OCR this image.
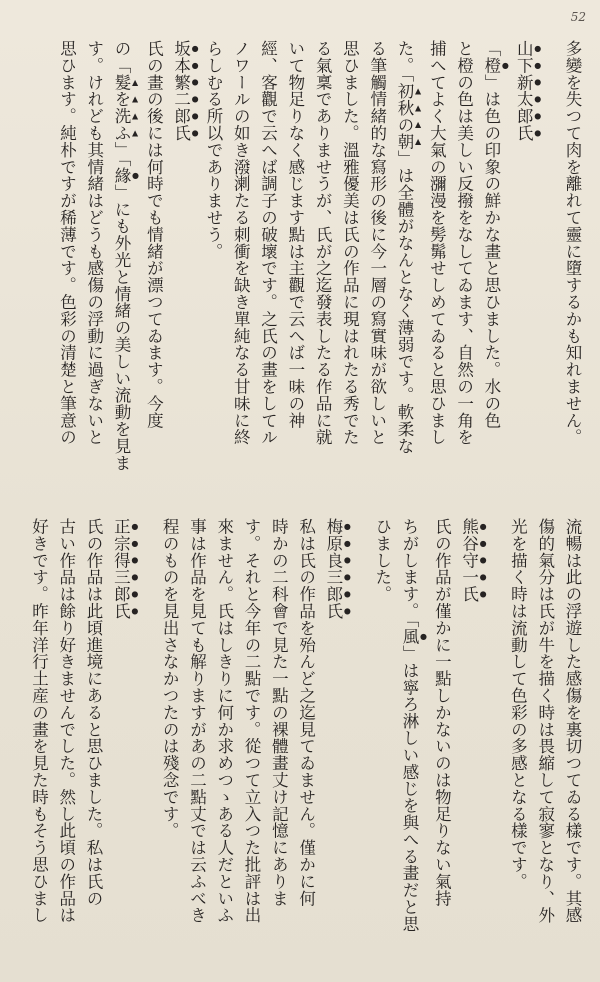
52
多變を失つて肉を離れて靈に墮するかも知れません。
山下新太郎氏
「橙」は色の印象の鮮かな畫と思ひました。水の色
と橙の色は美しい反撥をなしてゐます、自然の一角を
捕へてよく大氣の瀰漫を髣髴せしめてゐると思ひまし
た。「初秋の朝」は全體がなんとなく薄弱です。軟柔な
る筆觸情緒的な寫形の後に今一層の寫實味が欲しいと
思ひました。溫雅優美は氏の作品に現はれたる秀でた
る氣稟でありませうが、氏が之迄發表したる作品に就
いて物足りなく感じます點は主觀で云へば一味の神
經、客觀で云へば調子の破壞です。之氏の畫をしてル
ノワールの如き潑溂たる刺衝を缺き單純なる甘味に終
らしむる所以でありませう。
坂本繁二郎氏
氏の畫の後には何時でも情緒が漂つてゐます。今度
の「髮を洗ふ」「緣」にも外光と情緒の美しい流動を見ま
す。けれども其情緒はどうも感傷の浮動に過ぎないと
思ひます。純朴ですが稀薄です。色彩の清楚と筆意の
流暢は此の浮遊した感傷を裏切つてゐる樣です。其感
傷的氣分は氏が牛を描く時は畏縮して寂寥となり、外
光を描く時は流動して色彩の多感となる樣です。
熊谷守一氏
氏の作品が僅かに一點しかないのは物足りない氣持
ちがします。「風」は寧ろ淋しい感じを與へる畫だと思
ひました。
梅原良三郎氏
私は氏の作品を殆んど之迄見てゐません。僅かに何
時かの二科會で見た一點の裸體畫丈け記憶にありま
す。それと今年の二點です。從つて立入つた批評は出
來ません。氏はしきりに何か求めつゝある人だといふ
事は作品を見ても解りますがあの二點丈では云ふべき
程のものを見出さなかつたのは殘念です。
正宗得三郎氏
氏の作品は此頃進境にあると思ひました。私は氏の
古い作品は餘り好きませんでした。然し此頃の作品は
好きです。昨年洋行土産の畫を見た時もそう思ひまし
